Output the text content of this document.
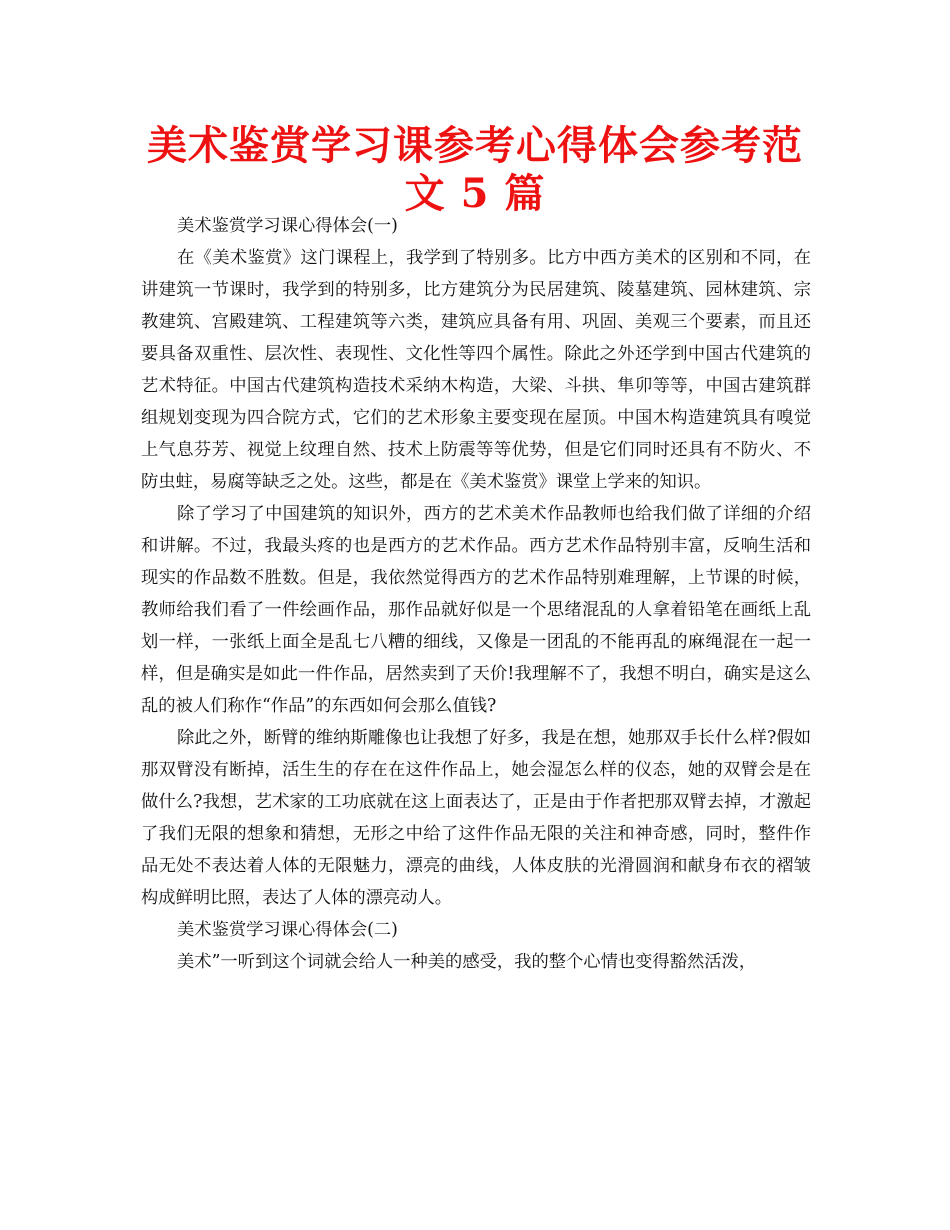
美术鉴赏学习课参考心得体会参考范文 5 篇

美术鉴赏学习课心得体会(一)

在《美术鉴赏》这门课程上，我学到了特别多。比方中西方美术的区别和不同，在讲建筑一节课时，我学到的特别多，比方建筑分为民居建筑、陵墓建筑、园林建筑、宗教建筑、宫殿建筑、工程建筑等六类，建筑应具备有用、巩固、美观三个要素，而且还要具备双重性、层次性、表现性、文化性等四个属性。除此之外还学到中国古代建筑的艺术特征。中国古代建筑构造技术采纳木构造，大梁、斗拱、隼卯等等，中国古建筑群组规划变现为四合院方式，它们的艺术形象主要变现在屋顶。中国木构造建筑具有嗅觉上气息芬芳、视觉上纹理自然、技术上防震等等优势，但是它们同时还具有不防火、不防虫蛀，易腐等缺乏之处。这些，都是在《美术鉴赏》课堂上学来的知识。

除了学习了中国建筑的知识外，西方的艺术美术作品教师也给我们做了详细的介绍和讲解。不过，我最头疼的也是西方的艺术作品。西方艺术作品特别丰富，反响生活和现实的作品数不胜数。但是，我依然觉得西方的艺术作品特别难理解，上节课的时候，教师给我们看了一件绘画作品，那作品就好似是一个思绪混乱的人拿着铅笔在画纸上乱划一样，一张纸上面全是乱七八糟的细线，又像是一团乱的不能再乱的麻绳混在一起一样，但是确实是如此一件作品，居然卖到了天价!我理解不了，我想不明白，确实是这么乱的被人们称作“作品”的东西如何会那么值钱?

除此之外，断臂的维纳斯雕像也让我想了好多，我是在想，她那双手长什么样?假如那双臂没有断掉，活生生的存在在这件作品上，她会湿怎么样的仪态，她的双臂会是在做什么?我想，艺术家的工功底就在这上面表达了，正是由于作者把那双臂去掉，才激起了我们无限的想象和猜想，无形之中给了这件作品无限的关注和神奇感，同时，整件作品无处不表达着人体的无限魅力，漂亮的曲线，人体皮肤的光滑圆润和献身布衣的褶皱构成鲜明比照，表达了人体的漂亮动人。

美术鉴赏学习课心得体会(二)

美术”一听到这个词就会给人一种美的感受，我的整个心情也变得豁然活泼，
